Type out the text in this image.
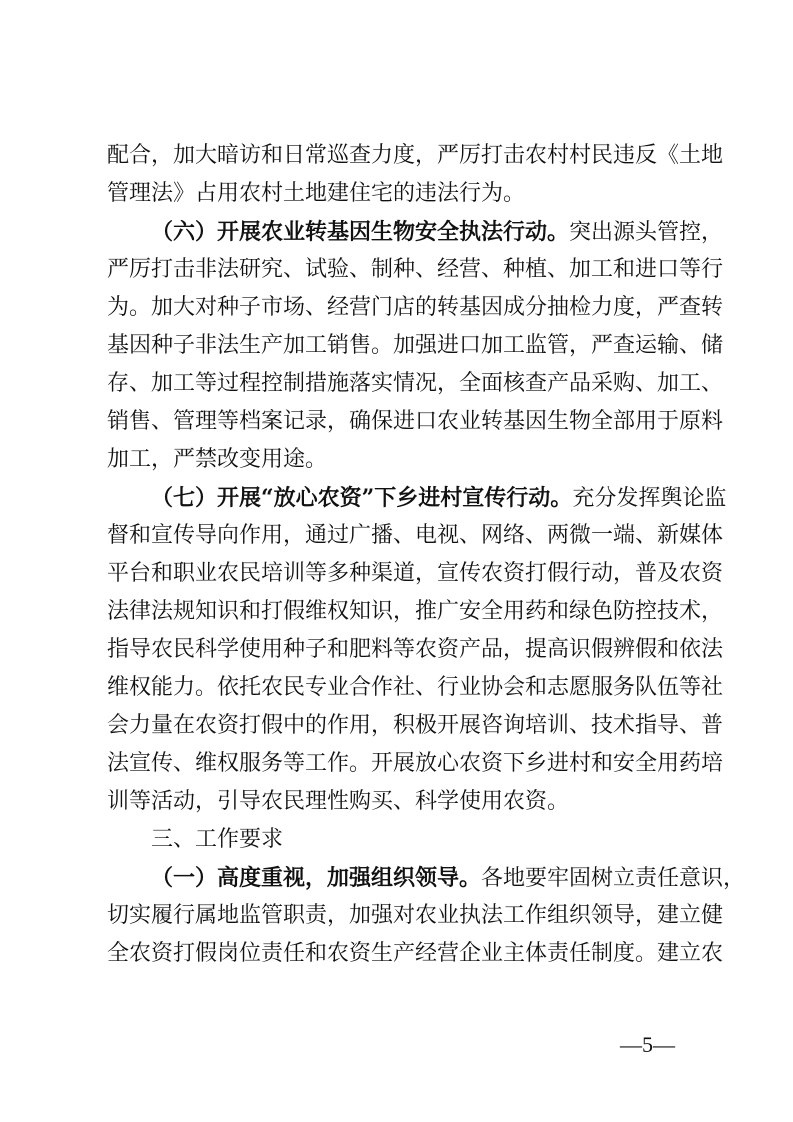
配合，加大暗访和日常巡查力度，严厉打击农村村民违反《土地
管理法》占用农村土地建住宅的违法行为。
（六）开展农业转基因生物安全执法行动。突出源头管控，
严厉打击非法研究、试验、制种、经营、种植、加工和进口等行
为。加大对种子市场、经营门店的转基因成分抽检力度，严查转
基因种子非法生产加工销售。加强进口加工监管，严查运输、储
存、加工等过程控制措施落实情况，全面核查产品采购、加工、
销售、管理等档案记录，确保进口农业转基因生物全部用于原料
加工，严禁改变用途。
（七）开展“放心农资”下乡进村宣传行动。充分发挥舆论监
督和宣传导向作用，通过广播、电视、网络、两微一端、新媒体
平台和职业农民培训等多种渠道，宣传农资打假行动，普及农资
法律法规知识和打假维权知识，推广安全用药和绿色防控技术，
指导农民科学使用种子和肥料等农资产品，提高识假辨假和依法
维权能力。依托农民专业合作社、行业协会和志愿服务队伍等社
会力量在农资打假中的作用，积极开展咨询培训、技术指导、普
法宣传、维权服务等工作。开展放心农资下乡进村和安全用药培
训等活动，引导农民理性购买、科学使用农资。
三、工作要求
（一）高度重视，加强组织领导。各地要牢固树立责任意识，
切实履行属地监管职责，加强对农业执法工作组织领导，建立健
全农资打假岗位责任和农资生产经营企业主体责任制度。建立农
—5—
